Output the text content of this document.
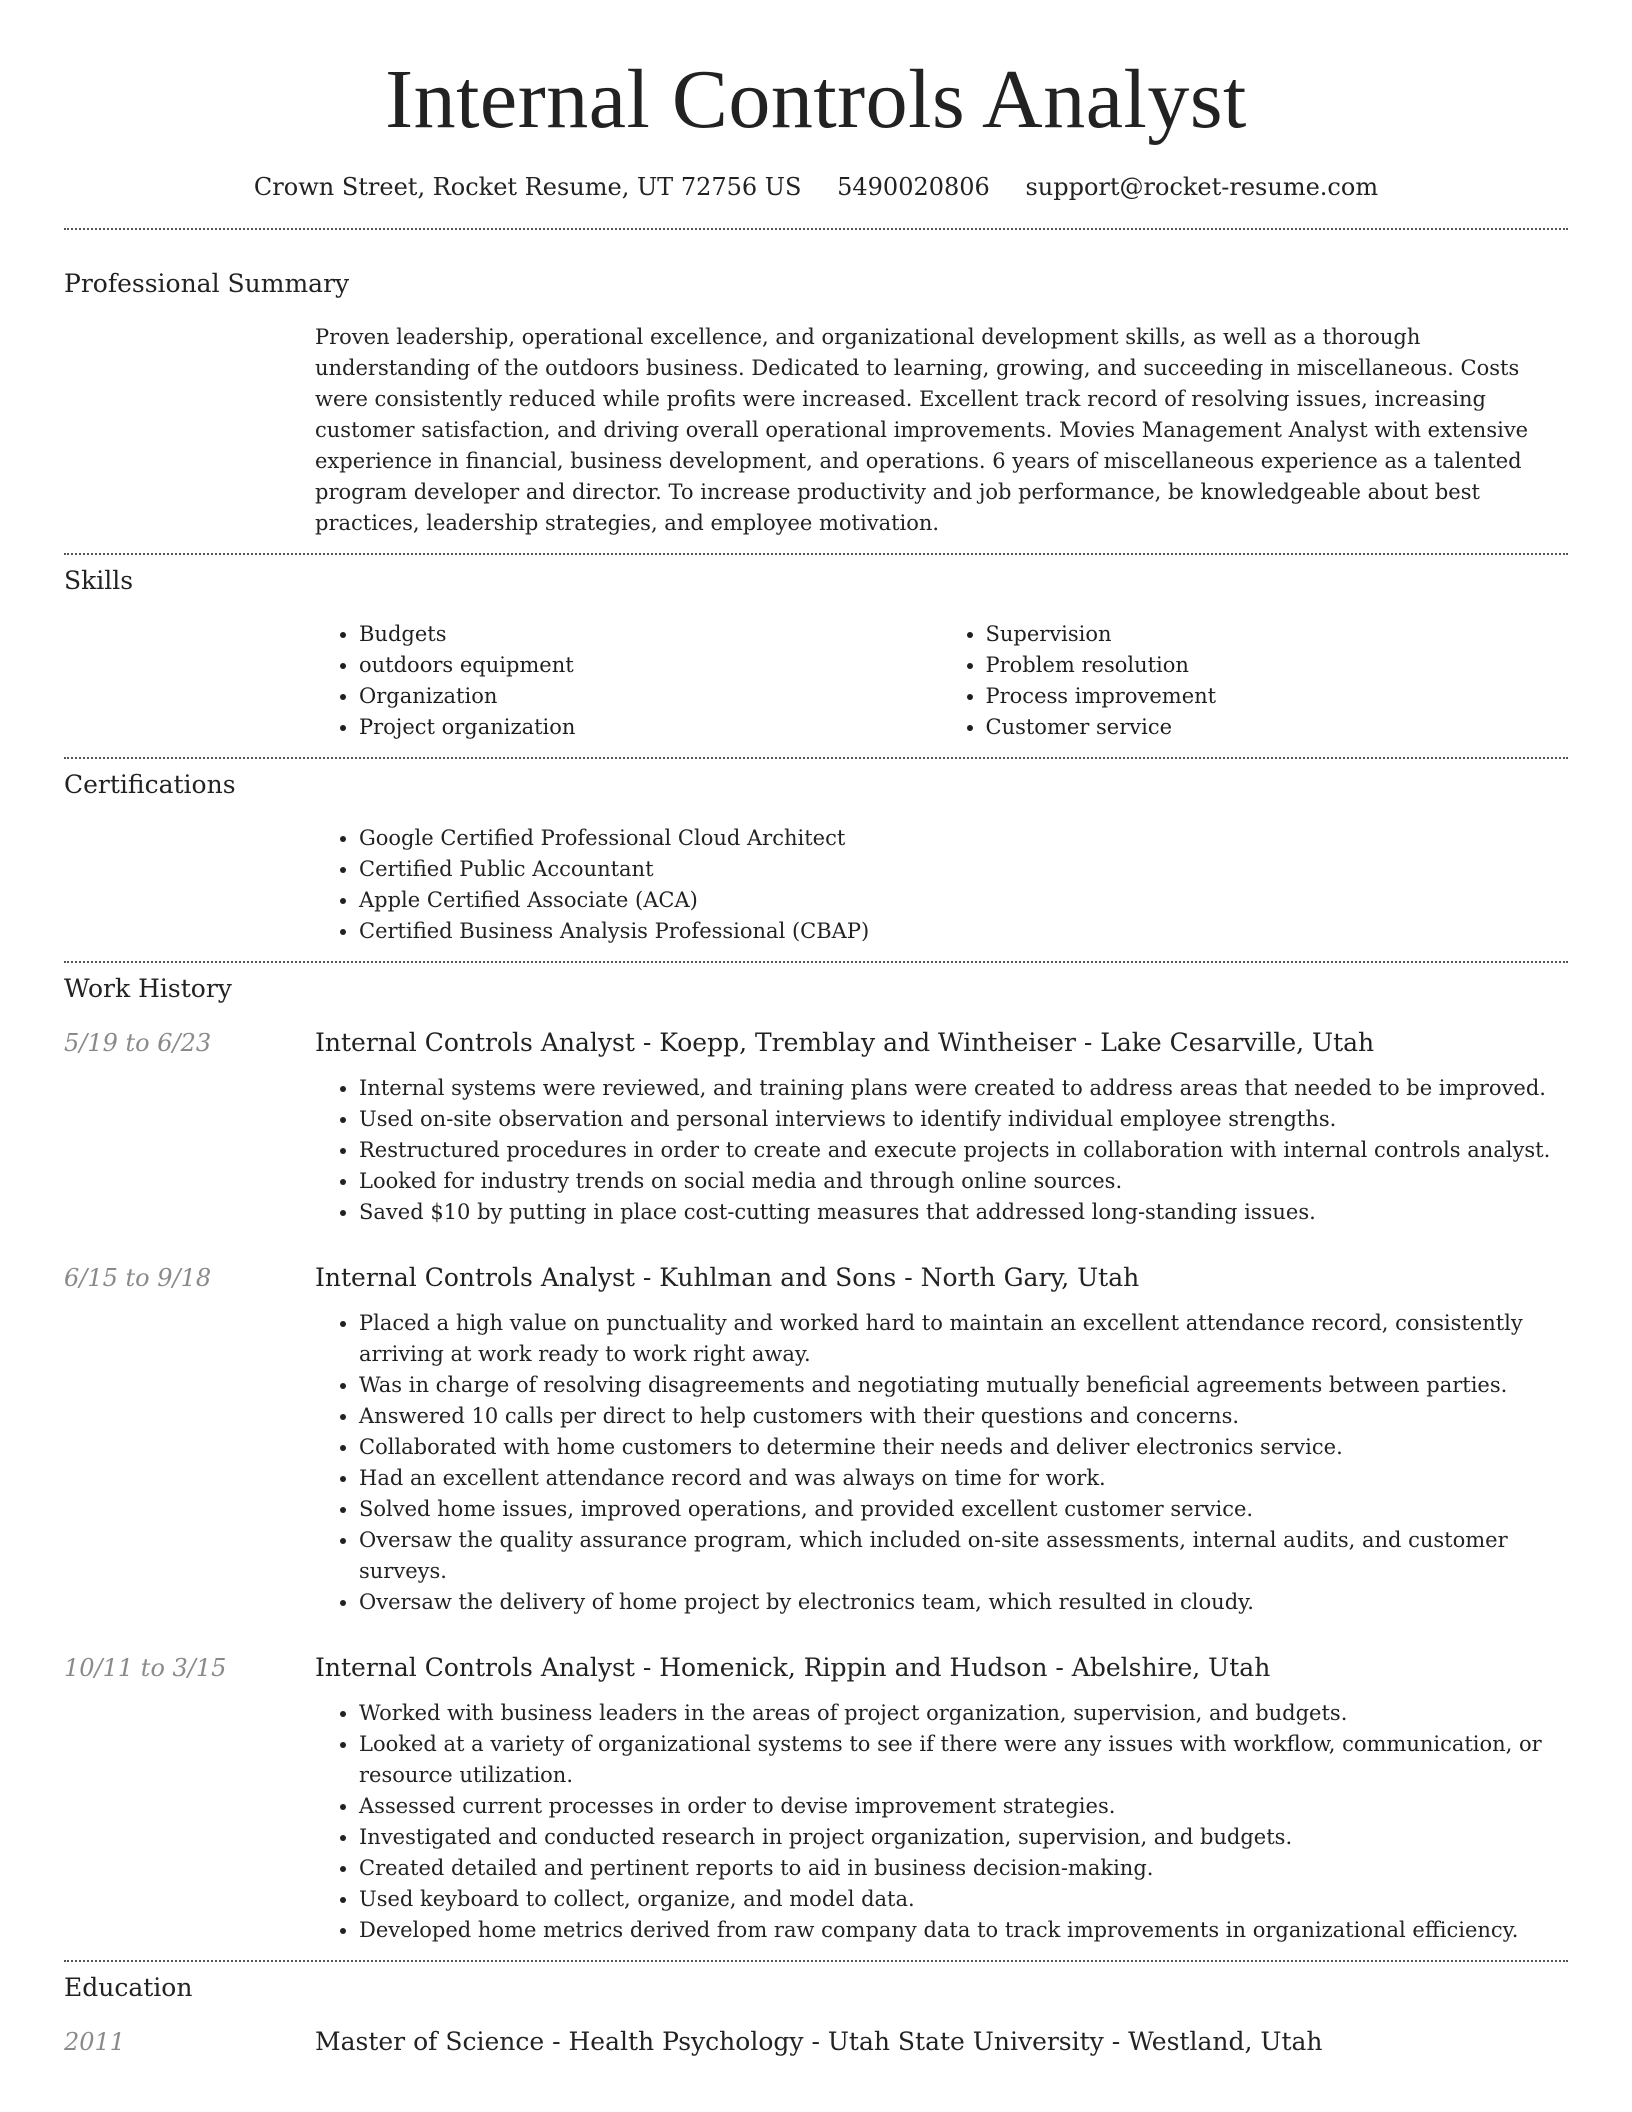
Internal Controls Analyst
Crown Street, Rocket Resume, UT 72756 US 5490020806 support@rocket-resume.com
Professional Summary

Proven leadership, operational excellence, and organizational development skills, as well as a thorough understanding of the outdoors business. Dedicated to learning, growing, and succeeding in miscellaneous. Costs were consistently reduced while profits were increased. Excellent track record of resolving issues, increasing customer satisfaction, and driving overall operational improvements. Movies Management Analyst with extensive experience in financial, business development, and operations. 6 years of miscellaneous experience as a talented program developer and director. To increase productivity and job performance, be knowledgeable about best practices, leadership strategies, and employee motivation.

Skills
• Budgets
• outdoors equipment
• Organization
• Project organization
• Supervision
• Problem resolution
• Process improvement
• Customer service
Certifications
• Google Certified Professional Cloud Architect
• Certified Public Accountant
• Apple Certified Associate (ACA)
• Certified Business Analysis Professional (CBAP)
Work History
5/19 to 6/23	Internal Controls Analyst - Koepp, Tremblay and Wintheiser - Lake Cesarville, Utah
• Internal systems were reviewed, and training plans were created to address areas that needed to be improved.
• Used on-site observation and personal interviews to identify individual employee strengths.
• Restructured procedures in order to create and execute projects in collaboration with internal controls analyst.
• Looked for industry trends on social media and through online sources.
• Saved $10 by putting in place cost-cutting measures that addressed long-standing issues.
6/15 to 9/18	Internal Controls Analyst - Kuhlman and Sons - North Gary, Utah
• Placed a high value on punctuality and worked hard to maintain an excellent attendance record, consistently arriving at work ready to work right away.
• Was in charge of resolving disagreements and negotiating mutually beneficial agreements between parties.
• Answered 10 calls per direct to help customers with their questions and concerns.
• Collaborated with home customers to determine their needs and deliver electronics service.
• Had an excellent attendance record and was always on time for work.
• Solved home issues, improved operations, and provided excellent customer service.
• Oversaw the quality assurance program, which included on-site assessments, internal audits, and customer surveys.
• Oversaw the delivery of home project by electronics team, which resulted in cloudy.
10/11 to 3/15	Internal Controls Analyst - Homenick, Rippin and Hudson - Abelshire, Utah
• Worked with business leaders in the areas of project organization, supervision, and budgets.
• Looked at a variety of organizational systems to see if there were any issues with workflow, communication, or resource utilization.
• Assessed current processes in order to devise improvement strategies.
• Investigated and conducted research in project organization, supervision, and budgets.
• Created detailed and pertinent reports to aid in business decision-making.
• Used keyboard to collect, organize, and model data.
• Developed home metrics derived from raw company data to track improvements in organizational efficiency.
Education
2011	Master of Science - Health Psychology - Utah State University - Westland, Utah
